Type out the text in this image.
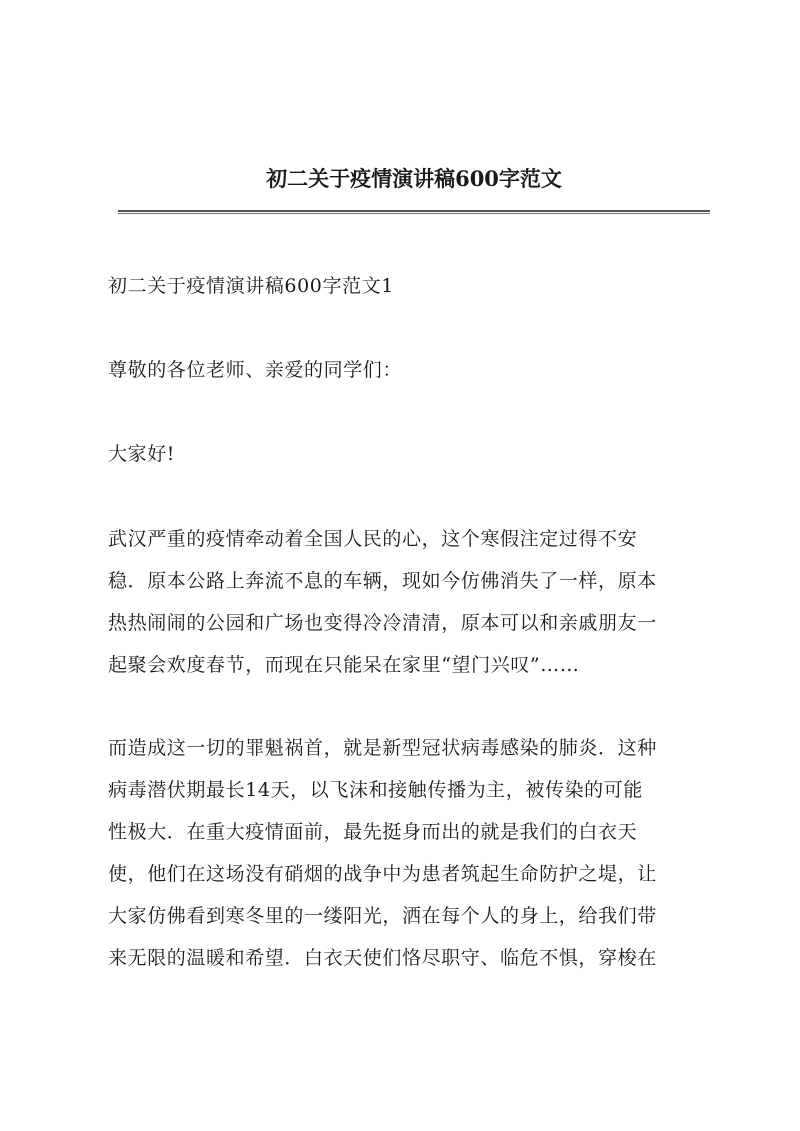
初二关于疫情演讲稿600字范文

初二关于疫情演讲稿600字范文1

尊敬的各位老师、亲爱的同学们：

大家好!

武汉严重的疫情牵动着全国人民的心，这个寒假注定过得不安

稳．原本公路上奔流不息的车辆，现如今仿佛消失了一样，原本

热热闹闹的公园和广场也变得冷冷清清，原本可以和亲戚朋友一

起聚会欢度春节，而现在只能呆在家里“望门兴叹”……

而造成这一切的罪魁祸首，就是新型冠状病毒感染的肺炎．这种

病毒潜伏期最长14天，以飞沫和接触传播为主，被传染的可能

性极大．在重大疫情面前，最先挺身而出的就是我们的白衣天

使，他们在这场没有硝烟的战争中为患者筑起生命防护之堤，让

大家仿佛看到寒冬里的一缕阳光，洒在每个人的身上，给我们带

来无限的温暖和希望．白衣天使们恪尽职守、临危不惧，穿梭在
